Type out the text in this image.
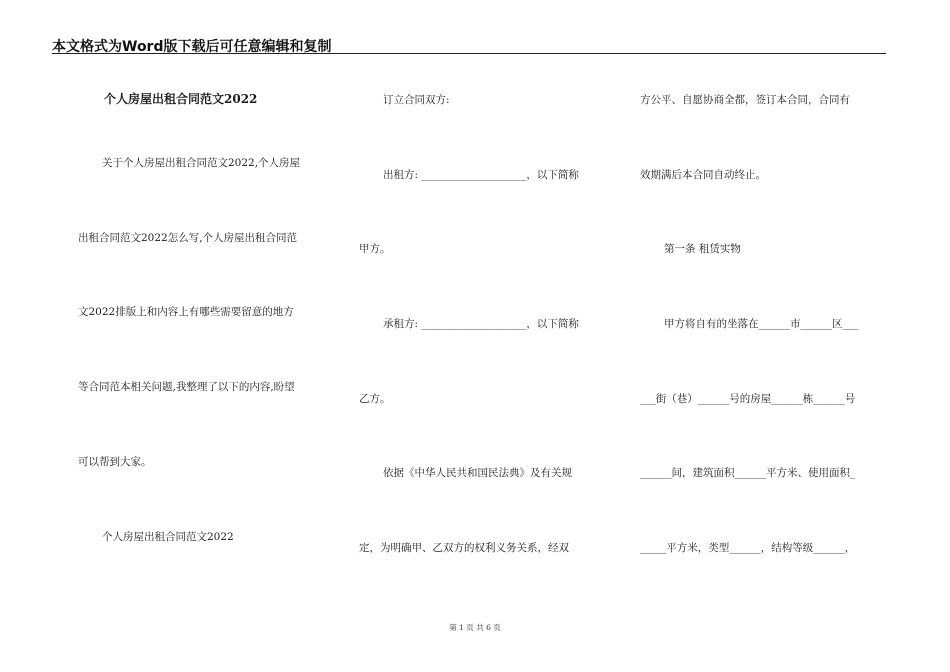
本文格式为Word版下载后可任意编辑和复制
个人房屋出租合同范文2022
关于个人房屋出租合同范文2022,个人房屋
出租合同范文2022怎么写,个人房屋出租合同范
文2022排版上和内容上有哪些需要留意的地方
等合同范本相关问题,我整理了以下的内容,盼望
可以帮到大家。
个人房屋出租合同范文2022
订立合同双方:
出租方: ____________________，以下简称
甲方。
承租方: ____________________，以下简称
乙方。
依据《中华人民共和国民法典》及有关规
定，为明确甲、乙双方的权利义务关系，经双
方公平、自愿协商全都，签订本合同，合同有
效期满后本合同自动终止。
第一条 租赁实物
甲方将自有的坐落在______市______区___
___街（巷）______号的房屋______栋______号
______间，建筑面积______平方米、使用面积_
_____平方米，类型______，结构等级______，
第 1 页 共 6 页
